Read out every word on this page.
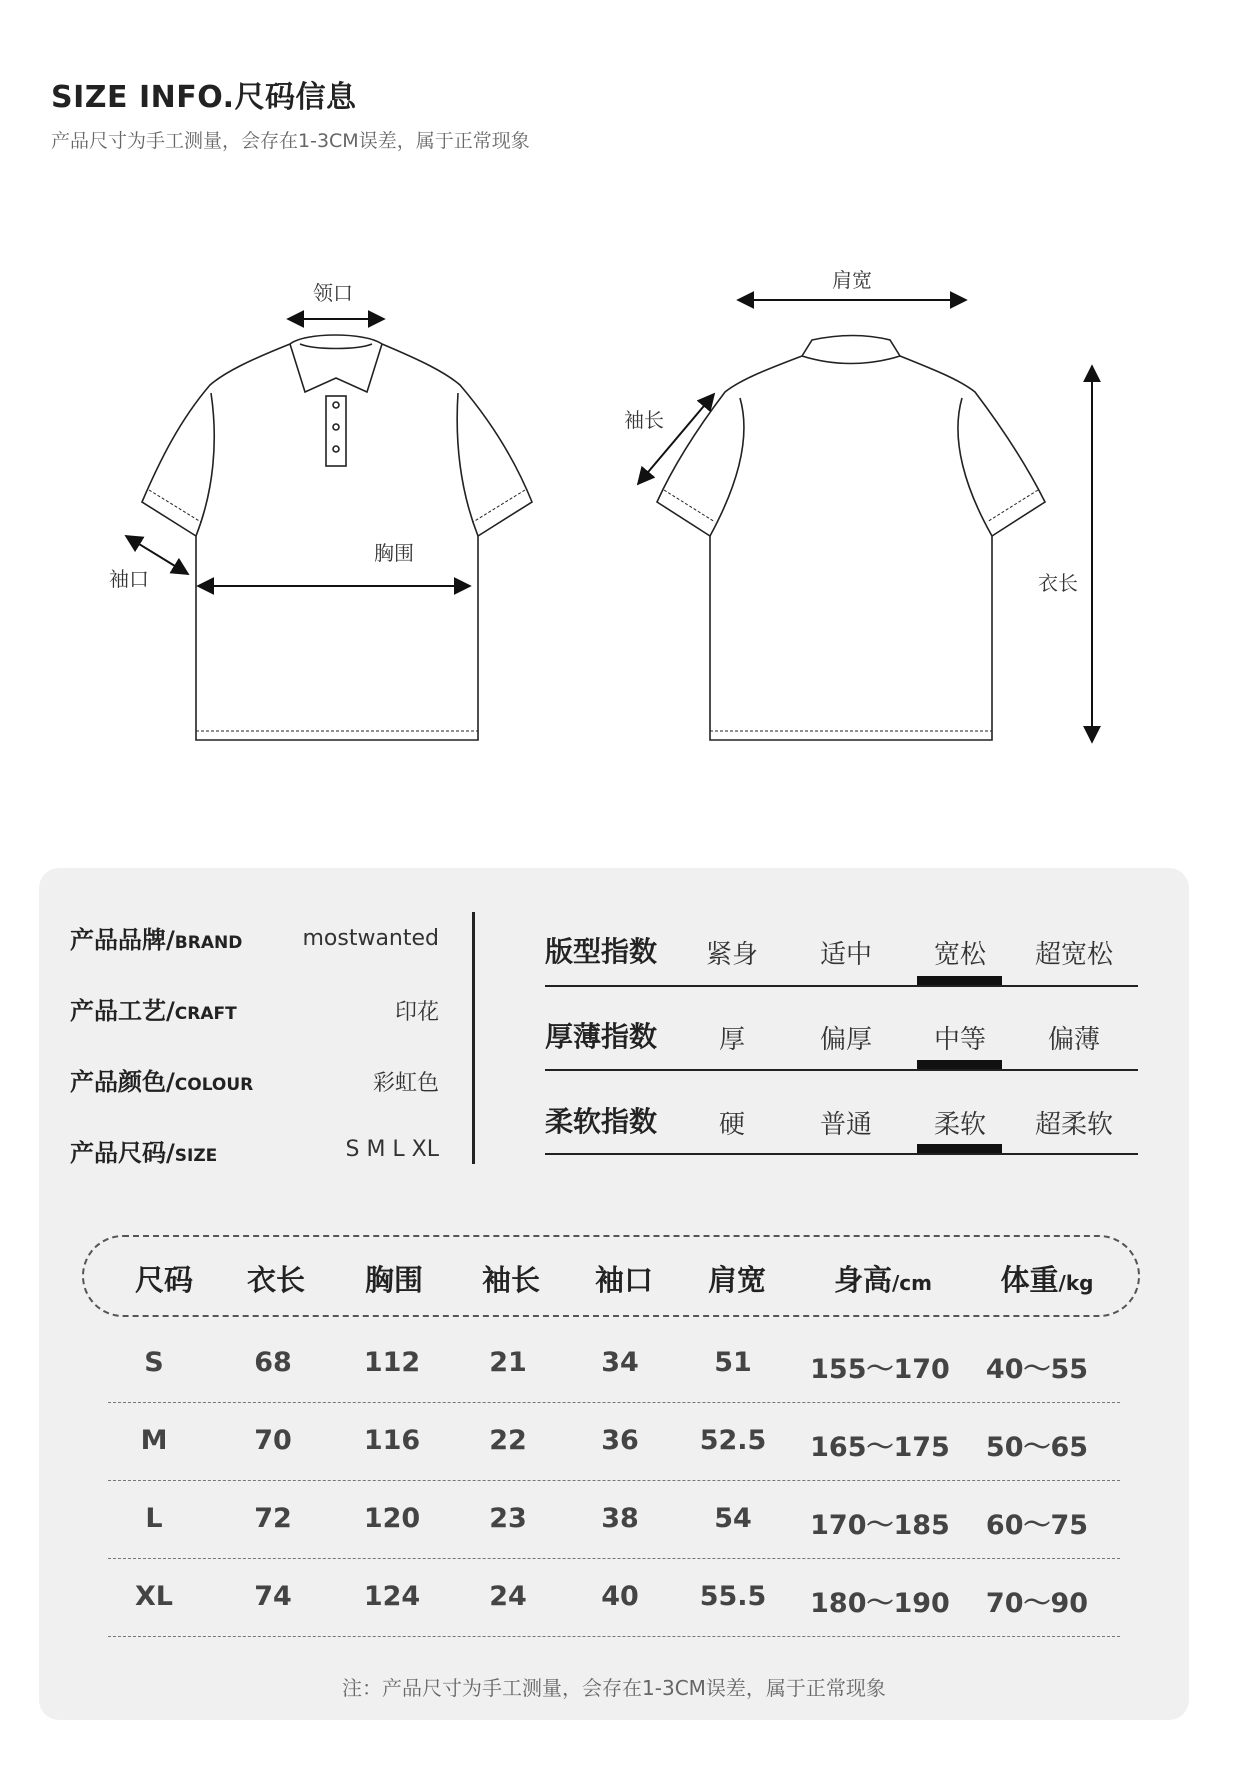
SIZE INFO.尺码信息
产品尺寸为手工测量，会存在1-3CM误差，属于正常现象
领口
胸围
袖口
肩宽
袖长
衣长
产品品牌/BRAND	mostwanted
产品工艺/CRAFT	印花
产品颜色/COLOUR	彩虹色
产品尺码/SIZE	S M L XL
版型指数	紧身	适中	宽松	超宽松
厚薄指数	厚	偏厚	中等	偏薄
柔软指数	硬	普通	柔软	超柔软
尺码	衣长	胸围	袖长	袖口	肩宽	身高/cm	体重/kg
S	68	112	21	34	51	155～170	40～55
M	70	116	22	36	52.5	165～175	50～65
L	72	120	23	38	54	170～185	60～75
XL	74	124	24	40	55.5	180～190	70～90
注：产品尺寸为手工测量，会存在1-3CM误差，属于正常现象
